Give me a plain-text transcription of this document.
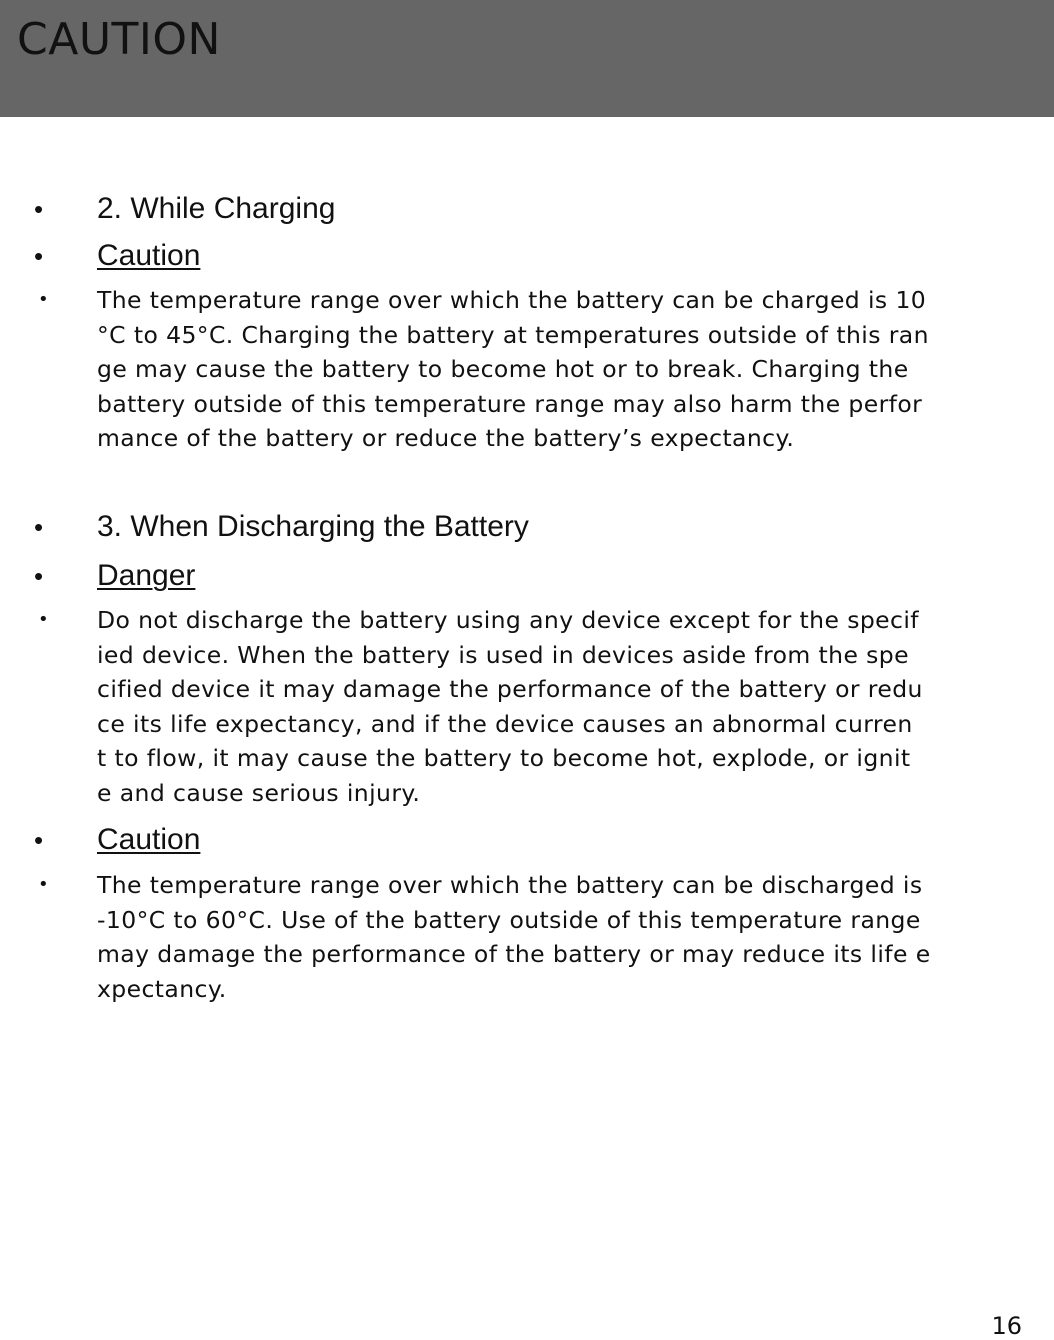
CAUTION
•	2. While Charging
•	Caution
•	The temperature range over which the battery can be charged is 10
°C to 45°C. Charging the battery at temperatures outside of this ran
ge may cause the battery to become hot or to break. Charging the
battery outside of this temperature range may also harm the perfor
mance of the battery or reduce the battery’s expectancy.
•	3. When Discharging the Battery
•	Danger
•	Do not discharge the battery using any device except for the specif
ied device. When the battery is used in devices aside from the spe
cified device it may damage the performance of the battery or redu
ce its life expectancy, and if the device causes an abnormal curren
t to flow, it may cause the battery to become hot, explode, or ignit
e and cause serious injury.
•	Caution
•	The temperature range over which the battery can be discharged is
-10°C to 60°C. Use of the battery outside of this temperature range
may damage the performance of the battery or may reduce its life e
xpectancy.
16
